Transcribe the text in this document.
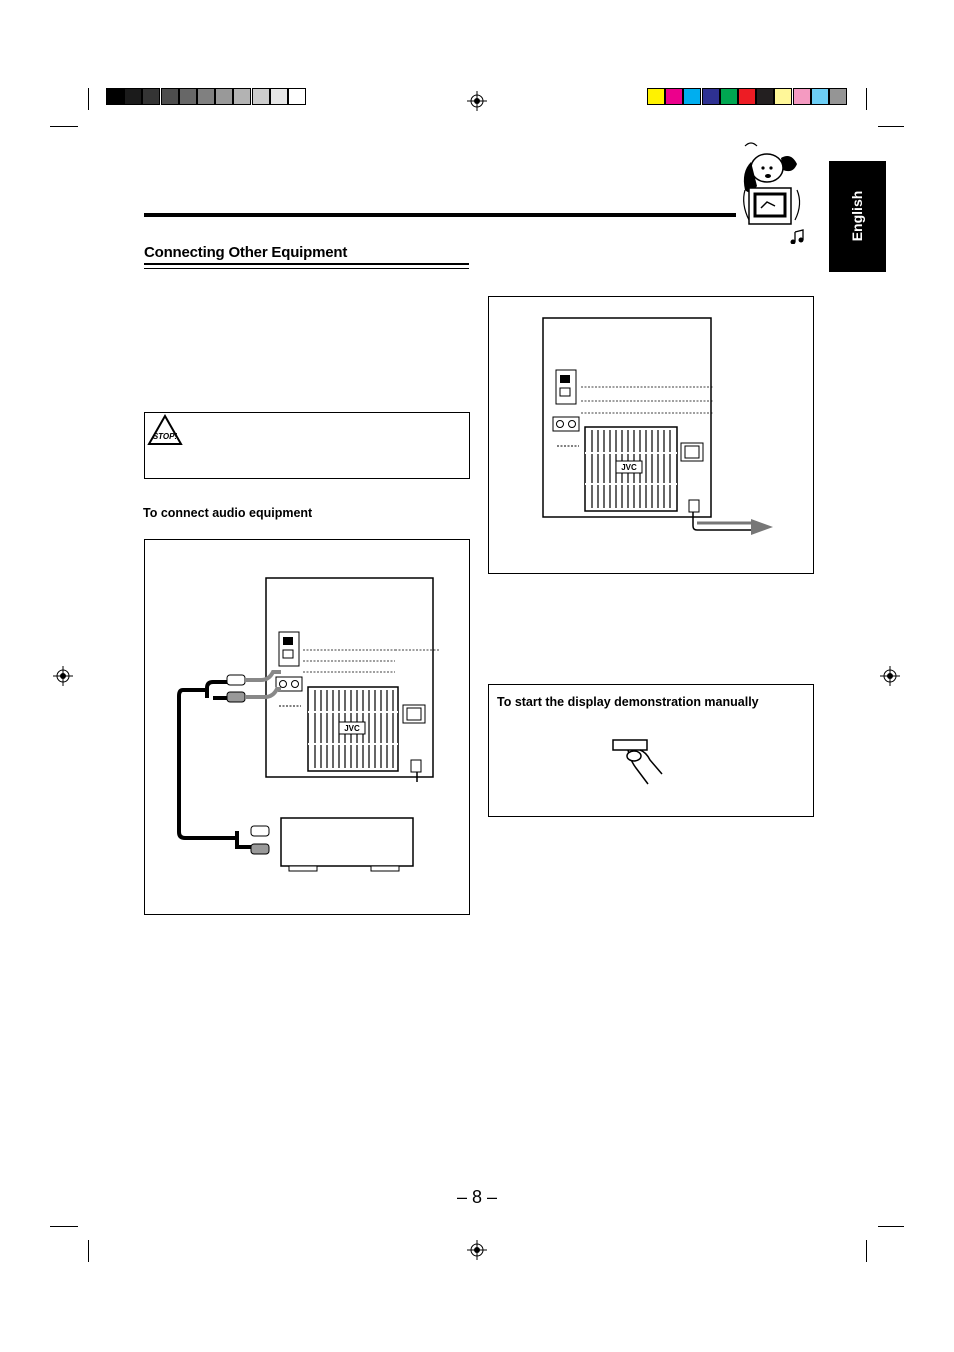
English
Connecting Other Equipment
STOP!
To connect audio equipment
JVC
JVC
To start the display demonstration manually
– 8 –
